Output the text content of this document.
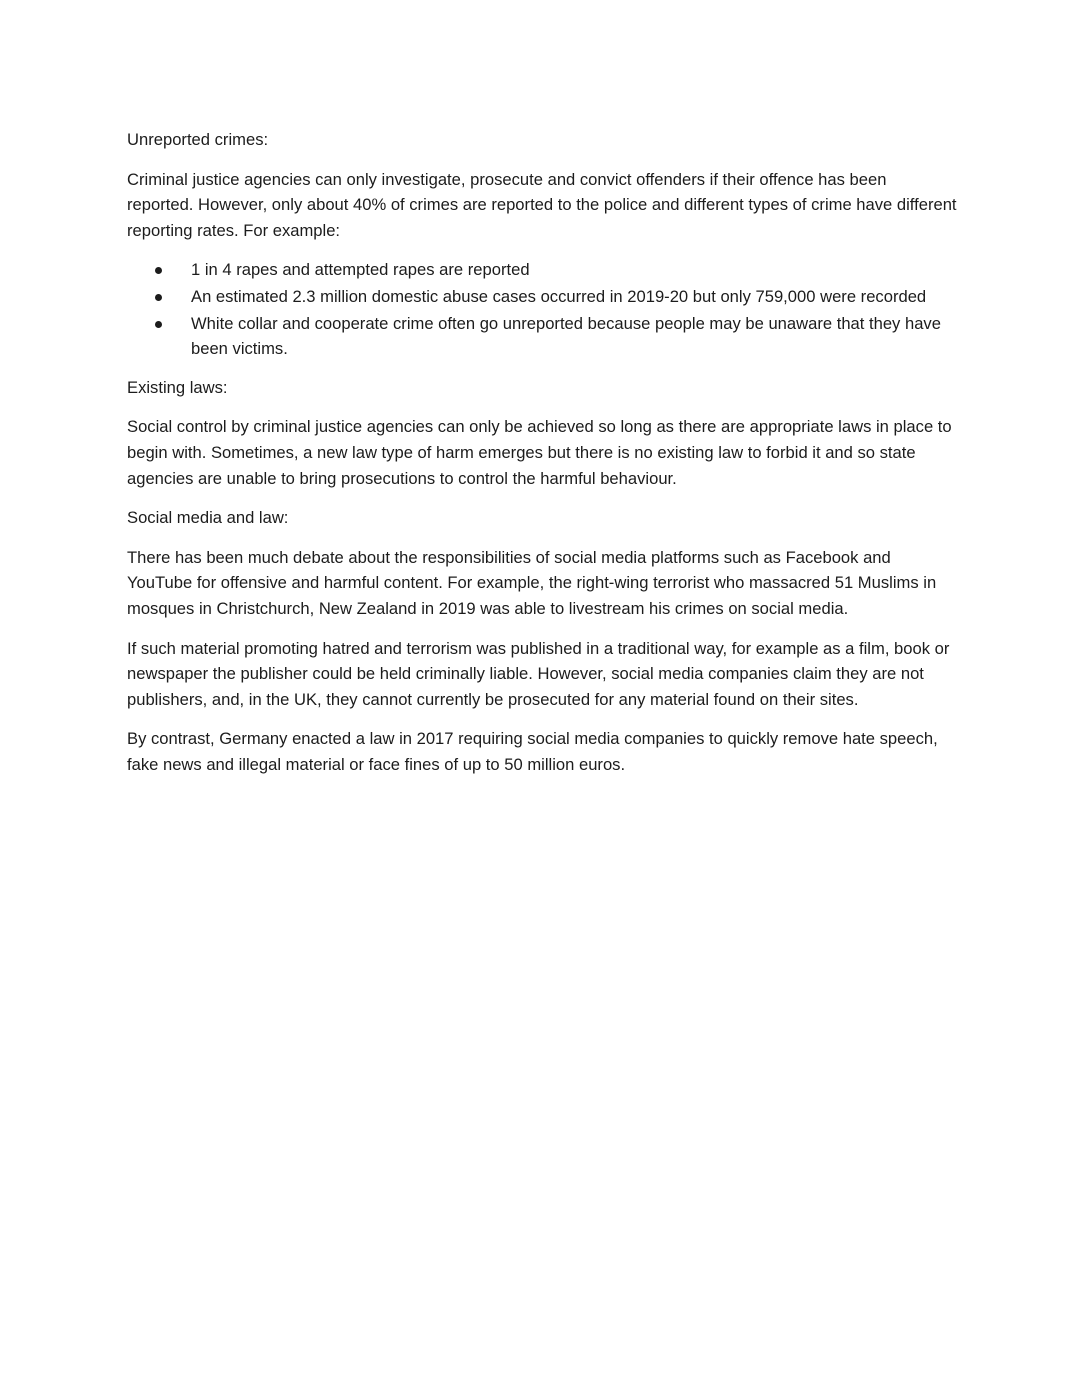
Unreported crimes:

Criminal justice agencies can only investigate, prosecute and convict offenders if their offence has been reported. However, only about 40% of crimes are reported to the police and different types of crime have different reporting rates. For example:

1 in 4 rapes and attempted rapes are reported
An estimated 2.3 million domestic abuse cases occurred in 2019-20 but only 759,000 were recorded
White collar and cooperate crime often go unreported because people may be unaware that they have been victims.

Existing laws:

Social control by criminal justice agencies can only be achieved so long as there are appropriate laws in place to begin with. Sometimes, a new law type of harm emerges but there is no existing law to forbid it and so state agencies are unable to bring prosecutions to control the harmful behaviour.

Social media and law:

There has been much debate about the responsibilities of social media platforms such as Facebook and YouTube for offensive and harmful content. For example, the right-wing terrorist who massacred 51 Muslims in mosques in Christchurch, New Zealand in 2019 was able to livestream his crimes on social media.

If such material promoting hatred and terrorism was published in a traditional way, for example as a film, book or newspaper the publisher could be held criminally liable. However, social media companies claim they are not publishers, and, in the UK, they cannot currently be prosecuted for any material found on their sites.

By contrast, Germany enacted a law in 2017 requiring social media companies to quickly remove hate speech, fake news and illegal material or face fines of up to 50 million euros.
